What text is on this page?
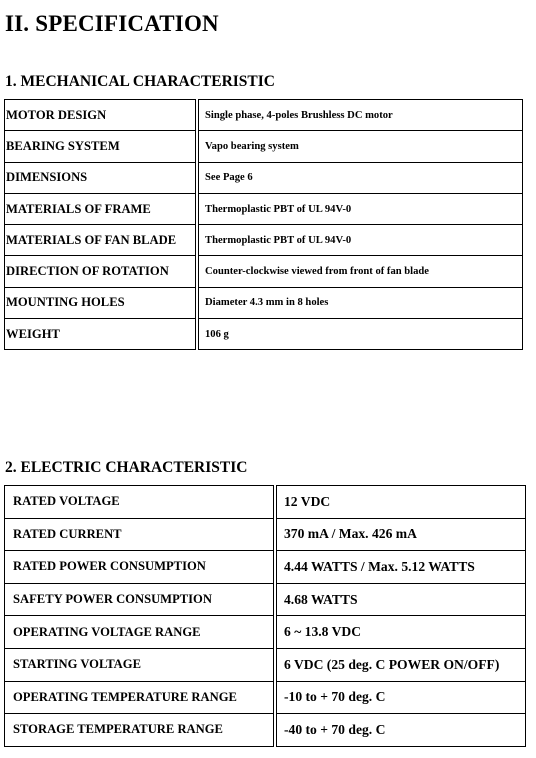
II. SPECIFICATION
1. MECHANICAL CHARACTERISTIC
MOTOR DESIGN	Single phase, 4-poles Brushless DC motor
BEARING SYSTEM	Vapo bearing system
DIMENSIONS	See Page 6
MATERIALS OF FRAME	Thermoplastic PBT of UL 94V-0
MATERIALS OF FAN BLADE	Thermoplastic PBT of UL 94V-0
DIRECTION OF ROTATION	Counter-clockwise viewed from front of fan blade
MOUNTING HOLES	Diameter 4.3 mm in 8 holes
WEIGHT	106 g
2. ELECTRIC CHARACTERISTIC
RATED VOLTAGE	12 VDC
RATED CURRENT	370 mA / Max. 426 mA
RATED POWER CONSUMPTION	4.44 WATTS / Max. 5.12 WATTS
SAFETY POWER CONSUMPTION	4.68 WATTS
OPERATING VOLTAGE RANGE	6 ~ 13.8 VDC
STARTING VOLTAGE	6 VDC (25 deg. C POWER ON/OFF)
OPERATING TEMPERATURE RANGE	-10 to + 70 deg. C
STORAGE TEMPERATURE RANGE	-40 to + 70 deg. C
